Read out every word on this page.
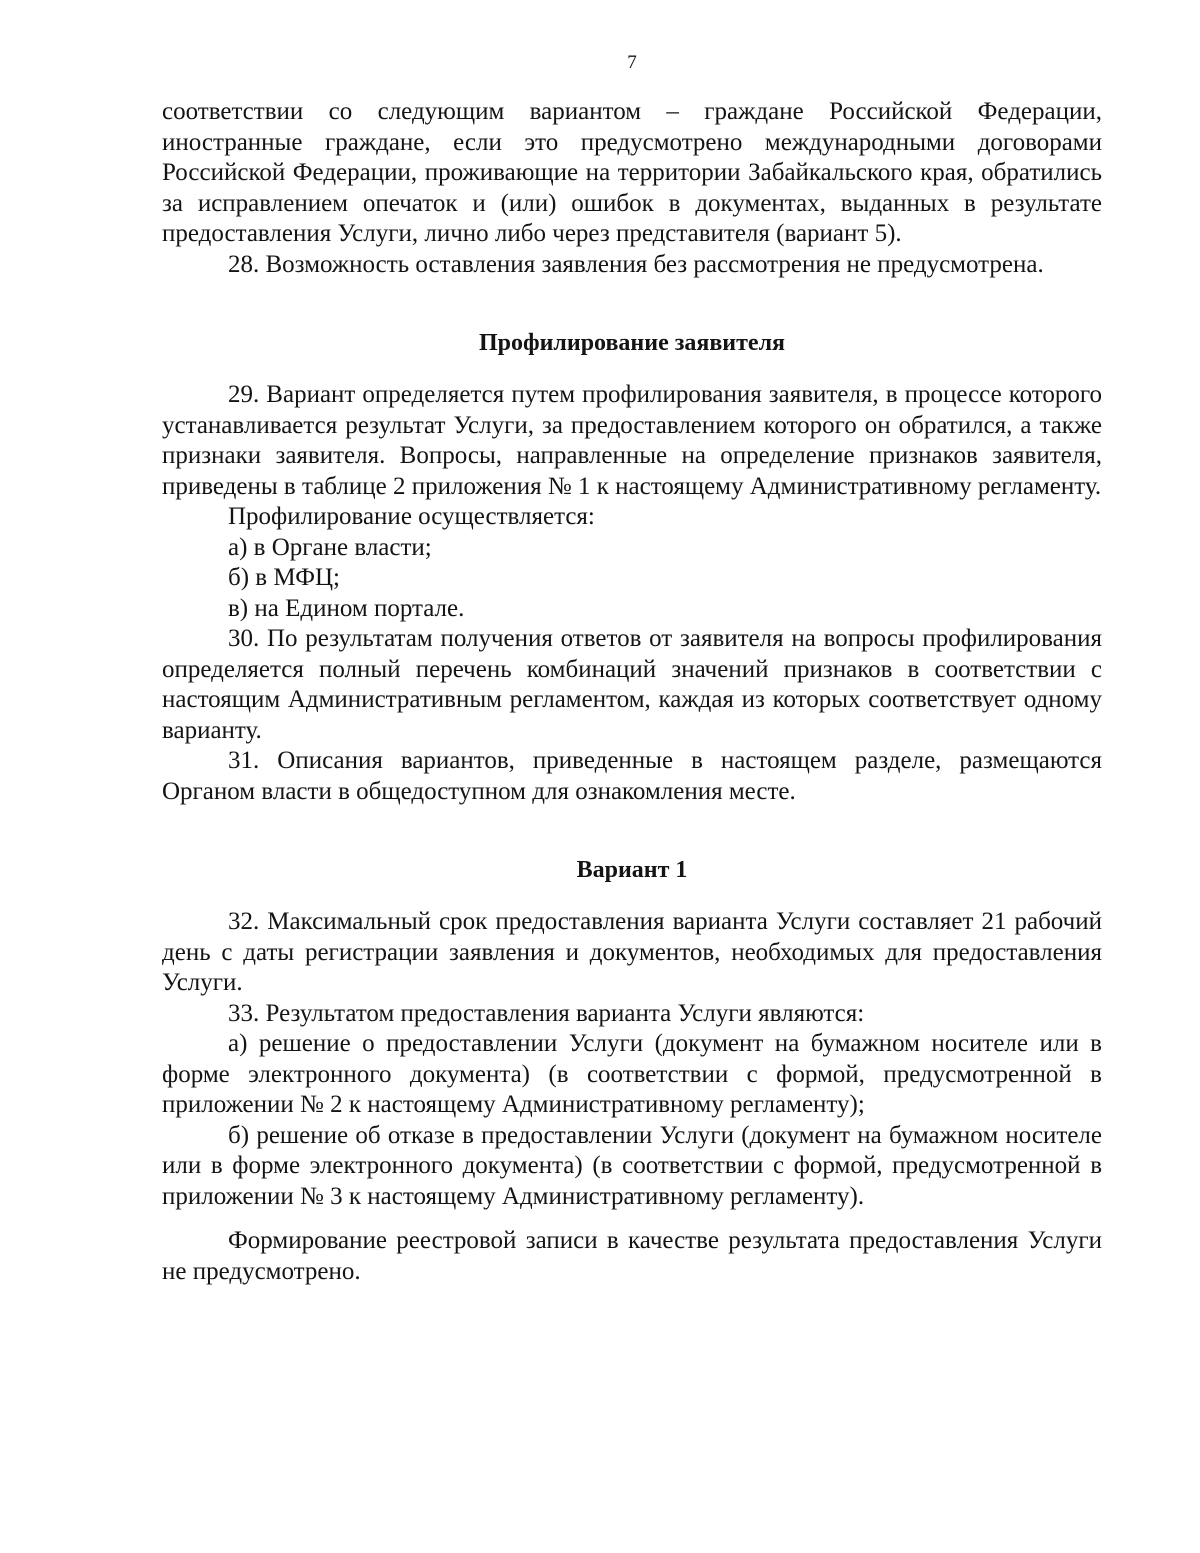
7

соответствии со следующим вариантом – граждане Российской Федерации, иностранные граждане, если это предусмотрено международными договорами Российской Федерации, проживающие на территории Забайкальского края, обратились за исправлением опечаток и (или) ошибок в документах, выданных в результате предоставления Услуги, лично либо через представителя (вариант 5).

28. Возможность оставления заявления без рассмотрения не предусмотрена.

Профилирование заявителя

29. Вариант определяется путем профилирования заявителя, в процессе которого устанавливается результат Услуги, за предоставлением которого он обратился, а также признаки заявителя. Вопросы, направленные на определение признаков заявителя, приведены в таблице 2 приложения № 1 к настоящему Административному регламенту.

Профилирование осуществляется:

а) в Органе власти;

б) в МФЦ;

в) на Едином портале.

30. По результатам получения ответов от заявителя на вопросы профилирования определяется полный перечень комбинаций значений признаков в соответствии с настоящим Административным регламентом, каждая из которых соответствует одному варианту.

31. Описания вариантов, приведенные в настоящем разделе, размещаются Органом власти в общедоступном для ознакомления месте.

Вариант 1

32. Максимальный срок предоставления варианта Услуги составляет 21 рабочий день с даты регистрации заявления и документов, необходимых для предоставления Услуги.

33. Результатом предоставления варианта Услуги являются:

а) решение о предоставлении Услуги (документ на бумажном носителе или в форме электронного документа) (в соответствии с формой, предусмотренной в приложении № 2 к настоящему Административному регламенту);

б) решение об отказе в предоставлении Услуги (документ на бумажном носителе или в форме электронного документа) (в соответствии с формой, предусмотренной в приложении № 3 к настоящему Административному регламенту).

Формирование реестровой записи в качестве результата предоставления Услуги не предусмотрено.
